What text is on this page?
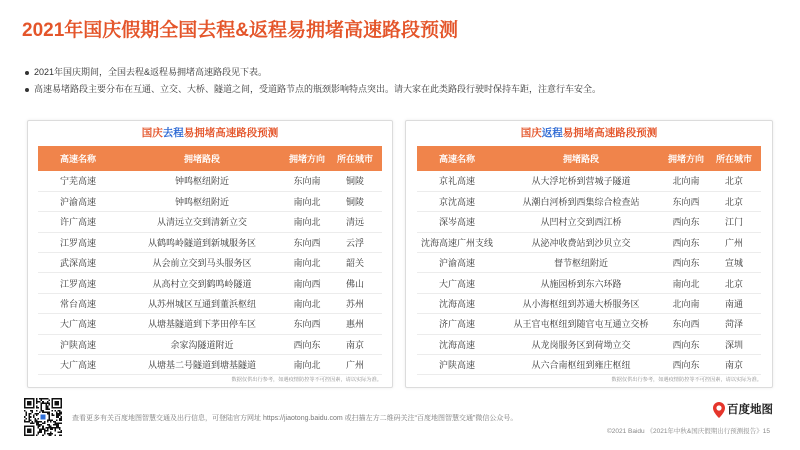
2021年国庆假期全国去程&返程易拥堵高速路段预测
2021年国庆期间，全国去程&返程易拥堵高速路段见下表。
高速易堵路段主要分布在互通、立交、大桥、隧道之间，受道路节点的瓶颈影响特点突出。请大家在此类路段行驶时保持车距，注意行车安全。
国庆去程易拥堵高速路段预测
高速名称	拥堵路段	拥堵方向	所在城市
宁芜高速	钟鸣枢纽附近	东向南	铜陵
沪渝高速	钟鸣枢纽附近	南向北	铜陵
许广高速	从清远立交到清新立交	南向北	清远
江罗高速	从鹤鸣岭隧道到新城服务区	东向西	云浮
武深高速	从会前立交到马头服务区	南向北	韶关
江罗高速	从高村立交到鹤鸣岭隧道	南向西	佛山
常台高速	从苏州城区互通到董浜枢纽	南向北	苏州
大广高速	从塘基隧道到下茅田停车区	东向西	惠州
沪陕高速	余家沟隧道附近	西向东	南京
大广高速	从塘基二号隧道到塘基隧道	南向北	广州
数据仅供出行参考，如遇疫情防控等不可控因素，请以实际为准。
国庆返程易拥堵高速路段预测
高速名称	拥堵路段	拥堵方向	所在城市
京礼高速	从大浮坨桥到营城子隧道	北向南	北京
京沈高速	从潮白河桥到西集综合检查站	东向西	北京
深岑高速	从凹村立交到西江桥	西向东	江门
沈海高速广州支线	从泌冲收费站到沙贝立交	西向东	广州
沪渝高速	督节枢纽附近	西向东	宣城
大广高速	从施园桥到东六环路	南向北	北京
沈海高速	从小海枢纽到苏通大桥服务区	北向南	南通
济广高速	从王官屯枢纽到随官屯互通立交桥	东向西	菏泽
沈海高速	从龙岗服务区到荷坳立交	西向东	深圳
沪陕高速	从六合南枢纽到雍庄枢纽	西向东	南京
数据仅供出行参考，如遇疫情防控等不可控因素，请以实际为准。
查看更多有关百度地图智慧交通及出行信息，可登陆官方网址 https://jiaotong.baidu.com 或扫描左方二维码关注“百度地图智慧交通”微信公众号。
百度地图
©2021 Baidu 《2021年中秋&国庆假期出行预测报告》15
